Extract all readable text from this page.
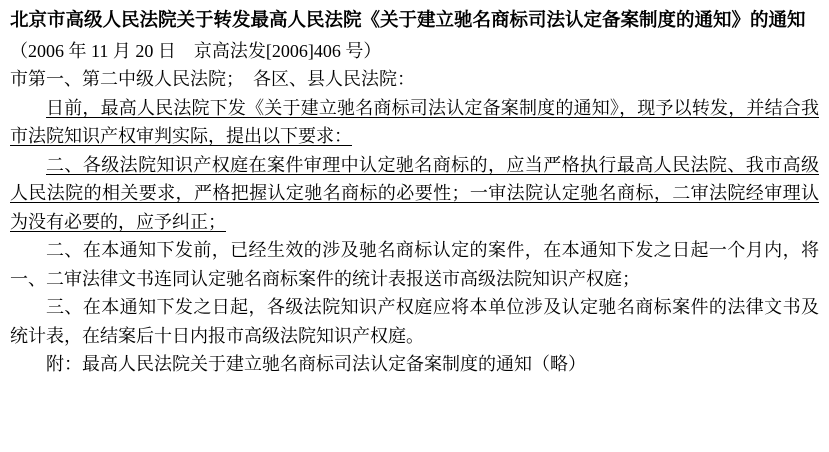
北京市高级人民法院关于转发最高人民法院《关于建立驰名商标司法认定备案制度的通知》的通知
（2006 年 11 月 20 日　京高法发[2006]406 号）
市第一、第二中级人民法院；　各区、县人民法院：
日前，最高人民法院下发《关于建立驰名商标司法认定备案制度的通知》，现予以转发，并结合我市法院知识产权审判实际，提出以下要求：
二、各级法院知识产权庭在案件审理中认定驰名商标的，应当严格执行最高人民法院、我市高级人民法院的相关要求，严格把握认定驰名商标的必要性；一审法院认定驰名商标，二审法院经审理认为没有必要的，应予纠正；
二、在本通知下发前，已经生效的涉及驰名商标认定的案件，在本通知下发之日起一个月内，将一、二审法律文书连同认定驰名商标案件的统计表报送市高级法院知识产权庭；
三、在本通知下发之日起，各级法院知识产权庭应将本单位涉及认定驰名商标案件的法律文书及统计表，在结案后十日内报市高级法院知识产权庭。
附：最高人民法院关于建立驰名商标司法认定备案制度的通知（略）
